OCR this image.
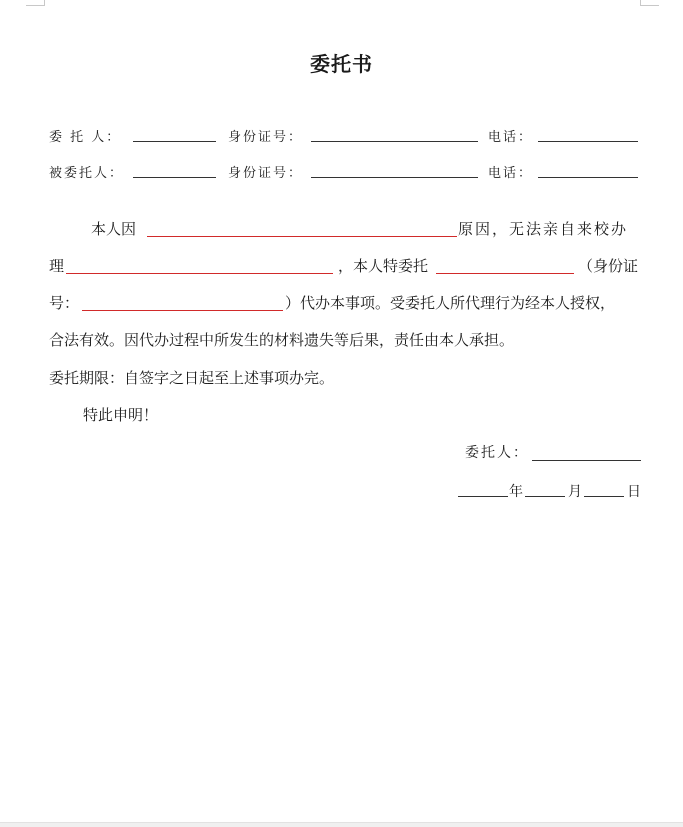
委托书
委 托 人：	身份证号：	电话：
被委托人：	身份证号：	电话：
本人因	原因，无法亲自来校办
理	，本人特委托	（身份证
号：	）代办本事项。受委托人所代理行为经本人授权，
合法有效。因代办过程中所发生的材料遗失等后果，责任由本人承担。
委托期限：自签字之日起至上述事项办完。
特此申明！
委托人：
年	月	日
